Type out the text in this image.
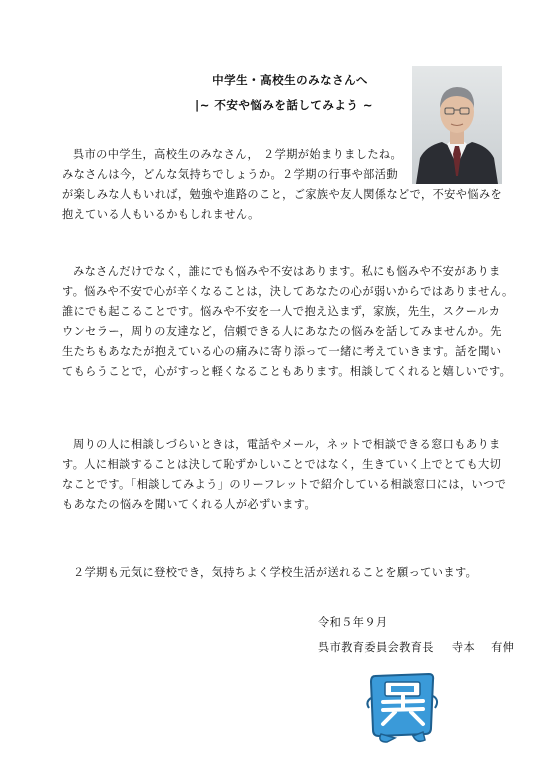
中学生・高校生のみなさんへ
|~ 不安や悩みを話してみよう ~
呉市の中学生，高校生のみなさん， ２学期が始まりましたね。
みなさんは今，どんな気持ちでしょうか。２学期の行事や部活動
が楽しみな人もいれば，勉強や進路のこと，ご家族や友人関係などで，不安や悩みを
抱えている人もいるかもしれません。
みなさんだけでなく，誰にでも悩みや不安はあります。私にも悩みや不安がありま
す。悩みや不安で心が辛くなることは，決してあなたの心が弱いからではありません。
誰にでも起こることです。悩みや不安を一人で抱え込まず，家族，先生，スクールカ
ウンセラー，周りの友達など，信頼できる人にあなたの悩みを話してみませんか。先
生たちもあなたが抱えている心の痛みに寄り添って一緒に考えていきます。話を聞い
てもらうことで，心がすっと軽くなることもあります。相談してくれると嬉しいです。
周りの人に相談しづらいときは，電話やメール，ネットで相談できる窓口もありま
す。人に相談することは決して恥ずかしいことではなく，生きていく上でとても大切
なことです。「相談してみよう」のリーフレットで紹介している相談窓口には，いつで
もあなたの悩みを聞いてくれる人が必ずいます。
２学期も元気に登校でき，気持ちよく学校生活が送れることを願っています。
令和５年９月
呉市教育委員会教育長 寺本 有伸
